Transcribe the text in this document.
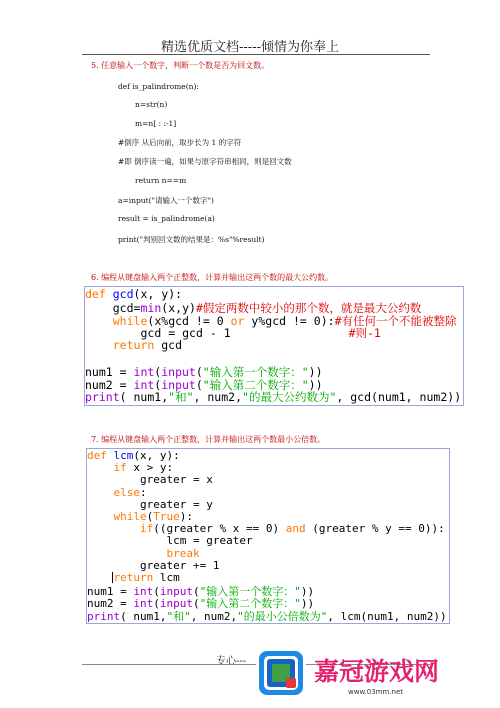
精选优质文档-----倾情为你奉上
5. 任意输入一个数字，判断一个数是否为回文数。
def is_palindrome(n):
n=str(n)
m=n[ : :-1]
#倒序 从后向前，取步长为 1 的字符
#即 倒序读一遍，如果与原字符串相同，则是回文数
return n==m
a=input("请输入一个数字")
result = is_palindrome(a)
print("判别回文数的结果是：%s"%result)
6. 编程从键盘输入两个正整数，计算并输出这两个数的最大公约数。
def gcd(x, y):
gcd=min(x,y)#假定两数中较小的那个数，就是最大公约数
while(x%gcd != 0 or y%gcd != 0):#有任何一个不能被整除
gcd = gcd - 1	#则-1
return gcd
num1 = int(input("输入第一个数字："))
num2 = int(input("输入第二个数字："))
print( num1,"和", num2,"的最大公约数为", gcd(num1, num2))
7. 编程从键盘输入两个正整数，计算并输出这两个数最小公倍数。
def lcm(x, y):
if x > y:
greater = x
else:
greater = y
while(True):
if((greater % x == 0) and (greater % y == 0)):
lcm = greater
break
greater += 1
return lcm
num1 = int(input("输入第一个数字："))
num2 = int(input("输入第二个数字："))
print( num1,"和", num2,"的最小公倍数为", lcm(num1, num2))
专心---	嘉冠游戏网
www.03mm.net
